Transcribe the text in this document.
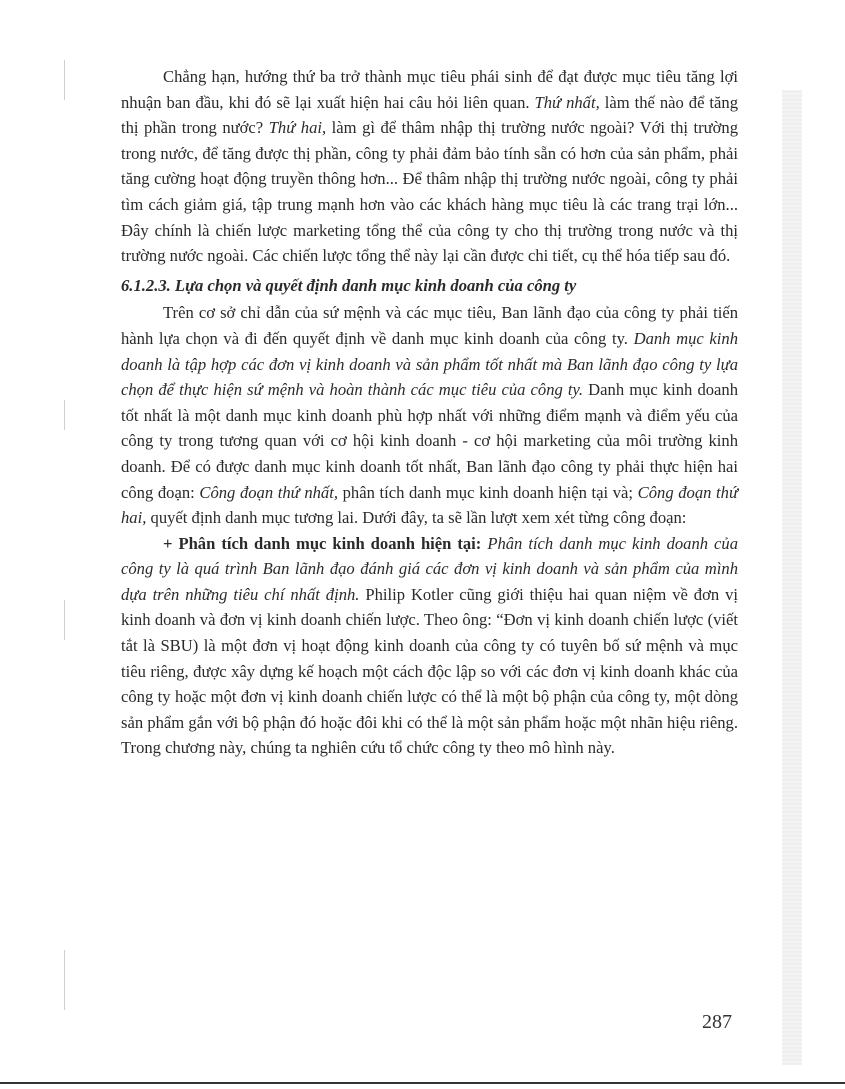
Chẳng hạn, hướng thứ ba trở thành mục tiêu phái sinh để đạt được mục tiêu tăng lợi nhuận ban đầu, khi đó sẽ lại xuất hiện hai câu hỏi liên quan. Thứ nhất, làm thế nào để tăng thị phần trong nước? Thứ hai, làm gì để thâm nhập thị trường nước ngoài? Với thị trường trong nước, để tăng được thị phần, công ty phải đảm bảo tính sẵn có hơn của sản phẩm, phải tăng cường hoạt động truyền thông hơn... Để thâm nhập thị trường nước ngoài, công ty phải tìm cách giảm giá, tập trung mạnh hơn vào các khách hàng mục tiêu là các trang trại lớn... Đây chính là chiến lược marketing tổng thể của công ty cho thị trường trong nước và thị trường nước ngoài. Các chiến lược tổng thể này lại cần được chi tiết, cụ thể hóa tiếp sau đó.

6.1.2.3. Lựa chọn và quyết định danh mục kinh doanh của công ty

Trên cơ sở chỉ dẫn của sứ mệnh và các mục tiêu, Ban lãnh đạo của công ty phải tiến hành lựa chọn và đi đến quyết định về danh mục kinh doanh của công ty. Danh mục kinh doanh là tập hợp các đơn vị kinh doanh và sản phẩm tốt nhất mà Ban lãnh đạo công ty lựa chọn để thực hiện sứ mệnh và hoàn thành các mục tiêu của công ty. Danh mục kinh doanh tốt nhất là một danh mục kinh doanh phù hợp nhất với những điểm mạnh và điểm yếu của công ty trong tương quan với cơ hội kinh doanh - cơ hội marketing của môi trường kinh doanh. Để có được danh mục kinh doanh tốt nhất, Ban lãnh đạo công ty phải thực hiện hai công đoạn: Công đoạn thứ nhất, phân tích danh mục kinh doanh hiện tại và; Công đoạn thứ hai, quyết định danh mục tương lai. Dưới đây, ta sẽ lần lượt xem xét từng công đoạn:

+ Phân tích danh mục kinh doanh hiện tại: Phân tích danh mục kinh doanh của công ty là quá trình Ban lãnh đạo đánh giá các đơn vị kinh doanh và sản phẩm của mình dựa trên những tiêu chí nhất định. Philip Kotler cũng giới thiệu hai quan niệm về đơn vị kinh doanh và đơn vị kinh doanh chiến lược. Theo ông: “Đơn vị kinh doanh chiến lược (viết tắt là SBU) là một đơn vị hoạt động kinh doanh của công ty có tuyên bố sứ mệnh và mục tiêu riêng, được xây dựng kế hoạch một cách độc lập so với các đơn vị kinh doanh khác của công ty hoặc một đơn vị kinh doanh chiến lược có thể là một bộ phận của công ty, một dòng sản phẩm gắn với bộ phận đó hoặc đôi khi có thể là một sản phẩm hoặc một nhãn hiệu riêng. Trong chương này, chúng ta nghiên cứu tổ chức công ty theo mô hình này.

287
